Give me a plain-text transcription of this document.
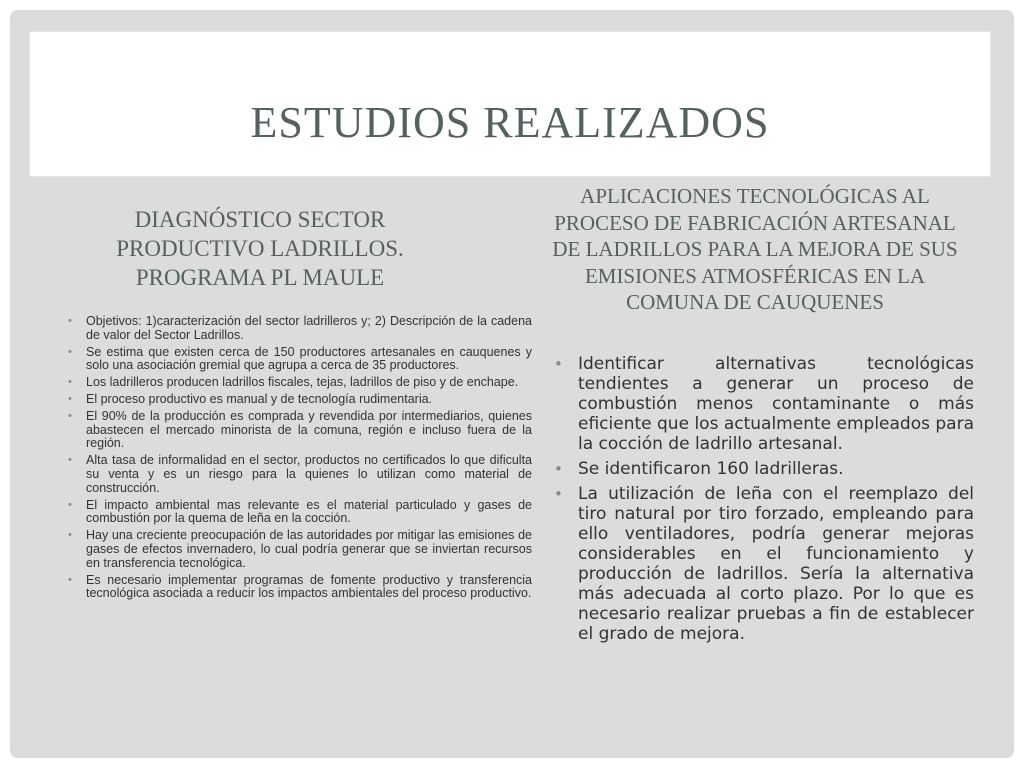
ESTUDIOS REALIZADOS
DIAGNÓSTICO SECTOR PRODUCTIVO LADRILLOS. PROGRAMA PL MAULE
• Objetivos: 1)caracterización del sector ladrilleros y; 2) Descripción de la cadena de valor del Sector Ladrillos.
• Se estima que existen cerca de 150 productores artesanales en cauquenes y solo una asociación gremial que agrupa a cerca de 35 productores.
• Los ladrilleros producen ladrillos fiscales, tejas, ladrillos de piso y de enchape.
• El proceso productivo es manual y de tecnología rudimentaria.
• El 90% de la producción es comprada y revendida por intermediarios, quienes abastecen el mercado minorista de la comuna, región e incluso fuera de la región.
• Alta tasa de informalidad en el sector, productos no certificados lo que dificulta su venta y es un riesgo para la quienes lo utilizan como material de construcción.
• El impacto ambiental mas relevante es el material particulado y gases de combustión por la quema de leña en la cocción.
• Hay una creciente preocupación de las autoridades por mitigar las emisiones de gases de efectos invernadero, lo cual podría generar que se inviertan recursos en transferencia tecnológica.
• Es necesario implementar programas de fomente productivo y transferencia tecnológica asociada a reducir los impactos ambientales del proceso productivo.
APLICACIONES TECNOLÓGICAS AL PROCESO DE FABRICACIÓN ARTESANAL DE LADRILLOS PARA LA MEJORA DE SUS EMISIONES ATMOSFÉRICAS EN LA COMUNA DE CAUQUENES
• Identificar alternativas tecnológicas tendientes a generar un proceso de combustión menos contaminante o más eficiente que los actualmente empleados para la cocción de ladrillo artesanal.
• Se identificaron 160 ladrilleras.
• La utilización de leña con el reemplazo del tiro natural por tiro forzado, empleando para ello ventiladores, podría generar mejoras considerables en el funcionamiento y producción de ladrillos. Sería la alternativa más adecuada al corto plazo. Por lo que es necesario realizar pruebas a fin de establecer el grado de mejora.
